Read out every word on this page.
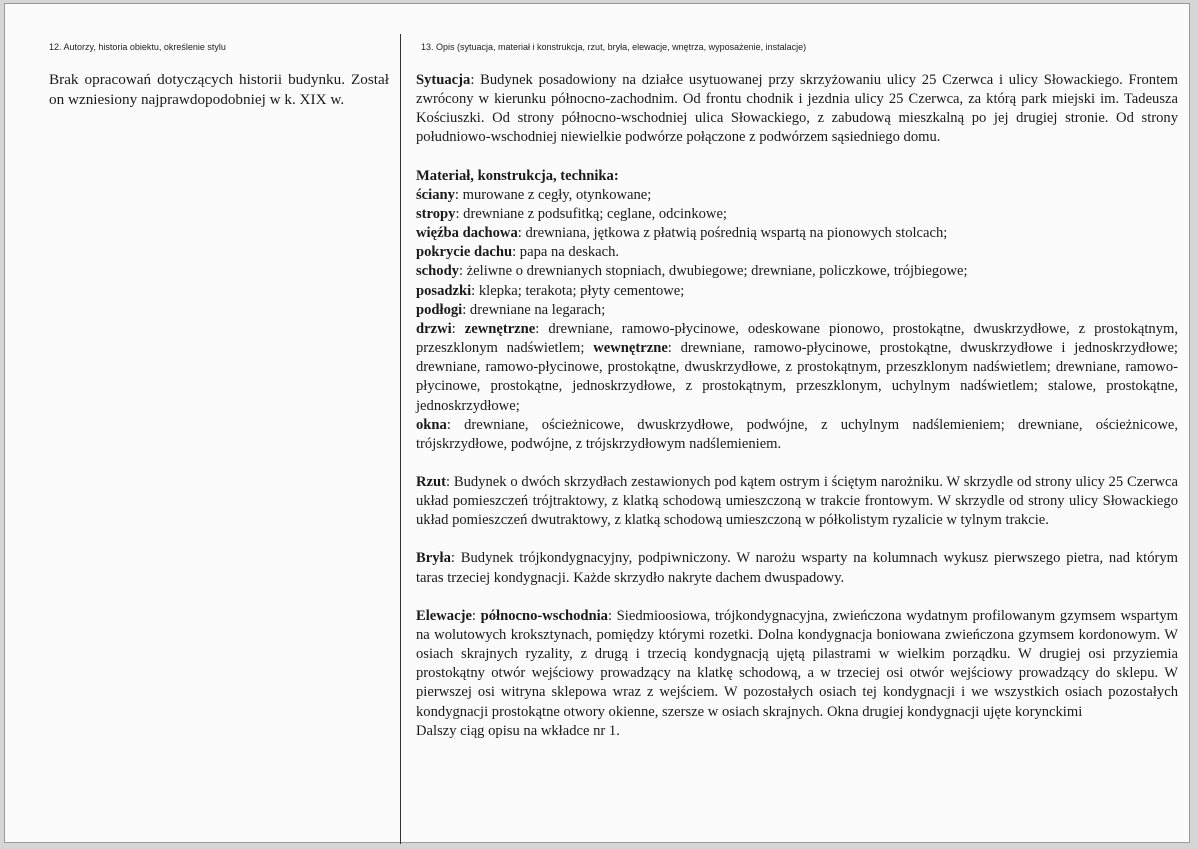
12. Autorzy, historia obiektu, określenie stylu	13. Opis (sytuacja, materiał i konstrukcja, rzut, bryła, elewacje, wnętrza, wyposażenie, instalacje)
Brak opracowań dotyczących historii budynku. Został on wzniesiony najprawdopodobniej w k. XIX w.

Sytuacja: Budynek posadowiony na działce usytuowanej przy skrzyżowaniu ulicy 25 Czerwca i ulicy Słowackiego. Frontem zwrócony w kierunku północno-zachodnim. Od frontu chodnik i jezdnia ulicy 25 Czerwca, za którą park miejski im. Tadeusza Kościuszki. Od strony północno-wschodniej ulica Słowackiego, z zabudową mieszkalną po jej drugiej stronie. Od strony południowo-wschodniej niewielkie podwórze połączone z podwórzem sąsiedniego domu.

Materiał, konstrukcja, technika:

ściany: murowane z cegły, otynkowane;
stropy: drewniane z podsufitką; ceglane, odcinkowe;
więźba dachowa: drewniana, jętkowa z płatwią pośrednią wspartą na pionowych stolcach;
pokrycie dachu: papa na deskach.
schody: żeliwne o drewnianych stopniach, dwubiegowe; drewniane, policzkowe, trójbiegowe;
posadzki: klepka; terakota; płyty cementowe;
podłogi: drewniane na legarach;

drzwi: zewnętrzne: drewniane, ramowo-płycinowe, odeskowane pionowo, prostokątne, dwuskrzydłowe, z prostokątnym, przeszklonym nadświetlem; wewnętrzne: drewniane, ramowo-płycinowe, prostokątne, dwuskrzydłowe i jednoskrzydłowe; drewniane, ramowo-płycinowe, prostokątne, dwuskrzydłowe, z prostokątnym, przeszklonym nadświetlem; drewniane, ramowo-płycinowe, prostokątne, jednoskrzydłowe, z prostokątnym, przeszklonym, uchylnym nadświetlem; stalowe, prostokątne, jednoskrzydłowe;

okna: drewniane, ościeżnicowe, dwuskrzydłowe, podwójne, z uchylnym nadślemieniem; drewniane, ościeżnicowe, trójskrzydłowe, podwójne, z trójskrzydłowym nadślemieniem.

Rzut: Budynek o dwóch skrzydłach zestawionych pod kątem ostrym i ściętym narożniku. W skrzydle od strony ulicy 25 Czerwca układ pomieszczeń trójtraktowy, z klatką schodową umieszczoną w trakcie frontowym. W skrzydle od strony ulicy Słowackiego układ pomieszczeń dwutraktowy, z klatką schodową umieszczoną w półkolistym ryzalicie w tylnym trakcie.

Bryła: Budynek trójkondygnacyjny, podpiwniczony. W narożu wsparty na kolumnach wykusz pierwszego pietra, nad którym taras trzeciej kondygnacji. Każde skrzydło nakryte dachem dwuspadowy.

Elewacje: północno-wschodnia: Siedmioosiowa, trójkondygnacyjna, zwieńczona wydatnym profilowanym gzymsem wspartym na wolutowych kroksztynach, pomiędzy którymi rozetki. Dolna kondygnacja boniowana zwieńczona gzymsem kordonowym. W osiach skrajnych ryzality, z drugą i trzecią kondygnacją ujętą pilastrami w wielkim porządku. W drugiej osi przyziemia prostokątny otwór wejściowy prowadzący na klatkę schodową, a w trzeciej osi otwór wejściowy prowadzący do sklepu. W pierwszej osi witryna sklepowa wraz z wejściem. W pozostałych osiach tej kondygnacji i we wszystkich osiach pozostałych kondygnacji prostokątne otwory okienne, szersze w osiach skrajnych. Okna drugiej kondygnacji ujęte korynckimi

Dalszy ciąg opisu na wkładce nr 1.
